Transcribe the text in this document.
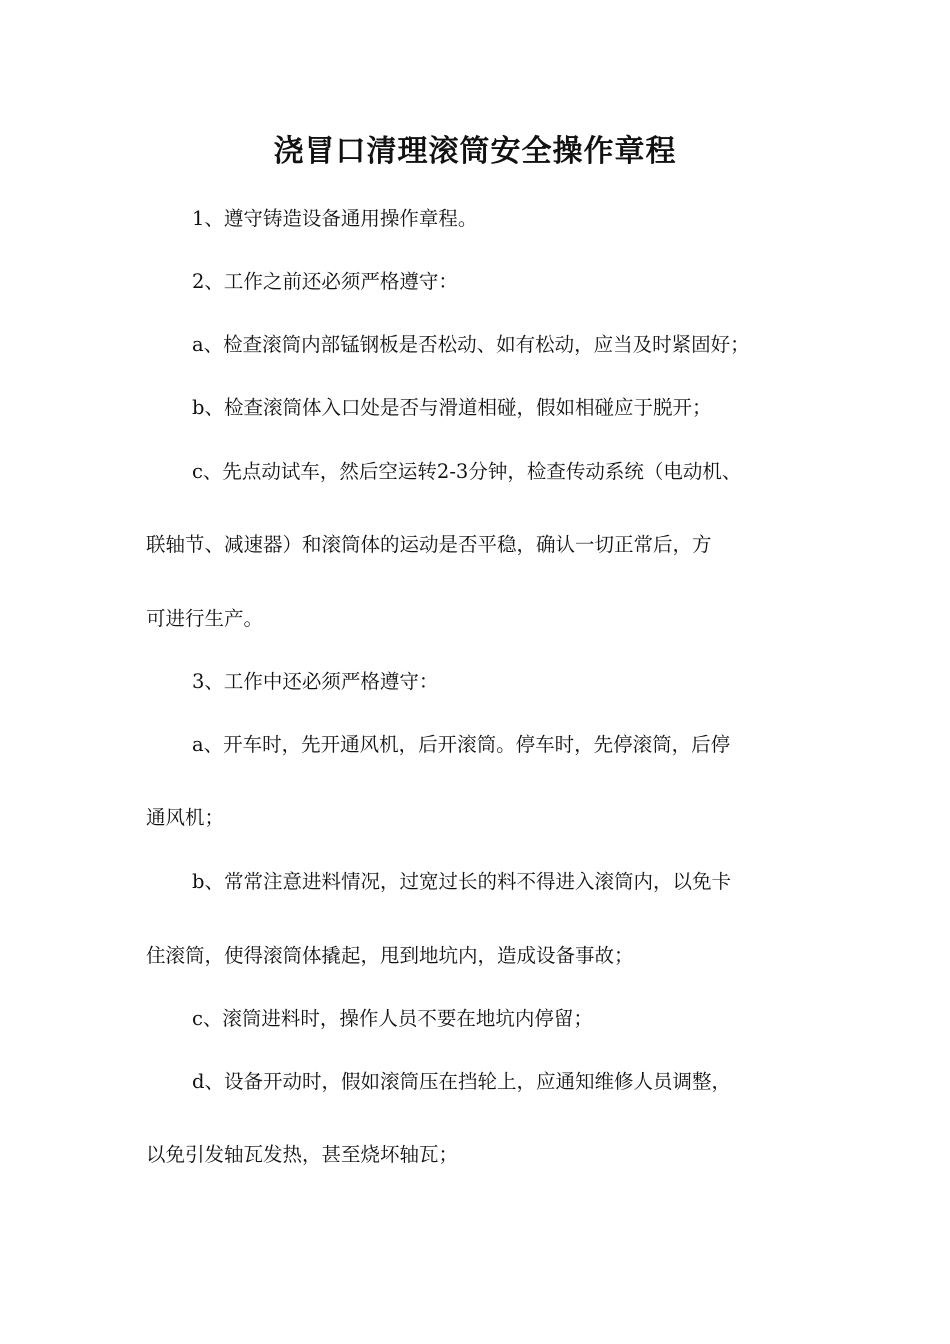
浇冒口清理滚筒安全操作章程
1、遵守铸造设备通用操作章程。
2、工作之前还必须严格遵守：
a、检查滚筒内部锰钢板是否松动、如有松动，应当及时紧固好；
b、检查滚筒体入口处是否与滑道相碰，假如相碰应于脱开；
c、先点动试车，然后空运转2-3分钟，检查传动系统（电动机、
联轴节、减速器）和滚筒体的运动是否平稳，确认一切正常后，方
可进行生产。
3、工作中还必须严格遵守：
a、开车时，先开通风机，后开滚筒。停车时，先停滚筒，后停
通风机；
b、常常注意进料情况，过宽过长的料不得进入滚筒内，以免卡
住滚筒，使得滚筒体撬起，甩到地坑内，造成设备事故；
c、滚筒进料时，操作人员不要在地坑内停留；
d、设备开动时，假如滚筒压在挡轮上，应通知维修人员调整，
以免引发轴瓦发热，甚至烧坏轴瓦；
